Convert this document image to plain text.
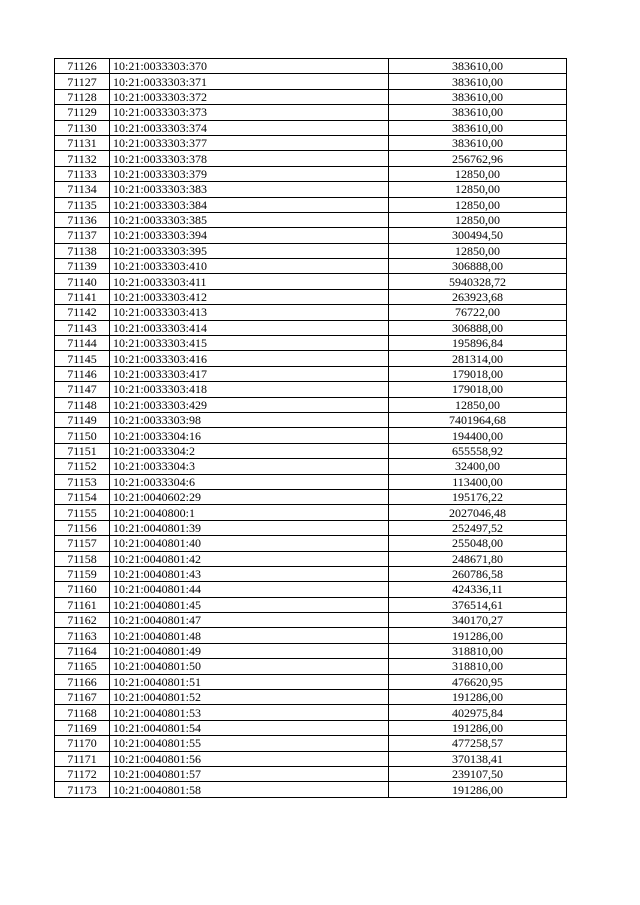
71126	10:21:0033303:370	383610,00
71127	10:21:0033303:371	383610,00
71128	10:21:0033303:372	383610,00
71129	10:21:0033303:373	383610,00
71130	10:21:0033303:374	383610,00
71131	10:21:0033303:377	383610,00
71132	10:21:0033303:378	256762,96
71133	10:21:0033303:379	12850,00
71134	10:21:0033303:383	12850,00
71135	10:21:0033303:384	12850,00
71136	10:21:0033303:385	12850,00
71137	10:21:0033303:394	300494,50
71138	10:21:0033303:395	12850,00
71139	10:21:0033303:410	306888,00
71140	10:21:0033303:411	5940328,72
71141	10:21:0033303:412	263923,68
71142	10:21:0033303:413	76722,00
71143	10:21:0033303:414	306888,00
71144	10:21:0033303:415	195896,84
71145	10:21:0033303:416	281314,00
71146	10:21:0033303:417	179018,00
71147	10:21:0033303:418	179018,00
71148	10:21:0033303:429	12850,00
71149	10:21:0033303:98	7401964,68
71150	10:21:0033304:16	194400,00
71151	10:21:0033304:2	655558,92
71152	10:21:0033304:3	32400,00
71153	10:21:0033304:6	113400,00
71154	10:21:0040602:29	195176,22
71155	10:21:0040800:1	2027046,48
71156	10:21:0040801:39	252497,52
71157	10:21:0040801:40	255048,00
71158	10:21:0040801:42	248671,80
71159	10:21:0040801:43	260786,58
71160	10:21:0040801:44	424336,11
71161	10:21:0040801:45	376514,61
71162	10:21:0040801:47	340170,27
71163	10:21:0040801:48	191286,00
71164	10:21:0040801:49	318810,00
71165	10:21:0040801:50	318810,00
71166	10:21:0040801:51	476620,95
71167	10:21:0040801:52	191286,00
71168	10:21:0040801:53	402975,84
71169	10:21:0040801:54	191286,00
71170	10:21:0040801:55	477258,57
71171	10:21:0040801:56	370138,41
71172	10:21:0040801:57	239107,50
71173	10:21:0040801:58	191286,00
